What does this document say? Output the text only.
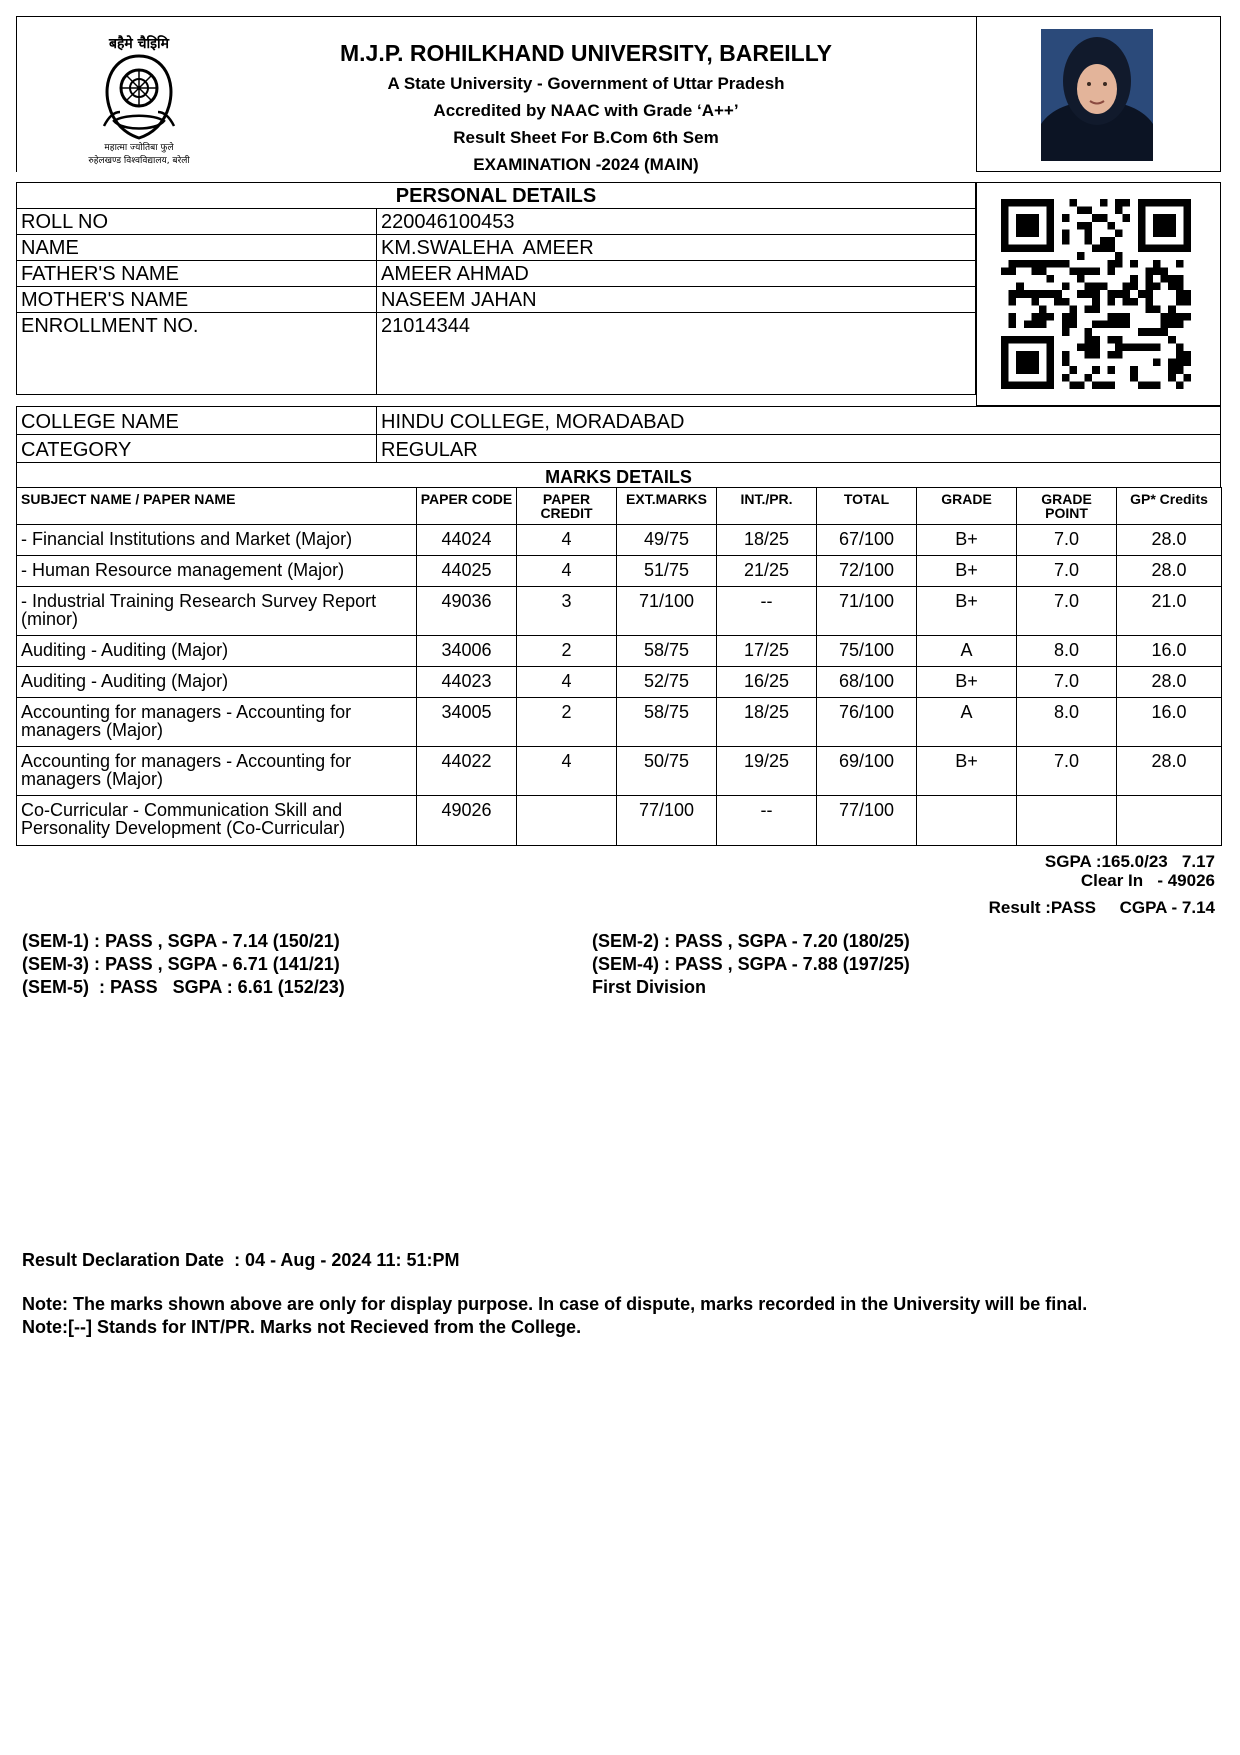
बहैमे चैइिमि
महात्मा ज्योतिबा फुले
रुहेलखण्ड विश्वविद्यालय, बरेली
M.J.P. ROHILKHAND UNIVERSITY, BAREILLY
A State University - Government of Uttar Pradesh
Accredited by NAAC with Grade ‘A++’
Result Sheet For B.Com 6th Sem
EXAMINATION -2024 (MAIN)
PERSONAL DETAILS	
ROLL NO	220046100453
NAME	KM.SWALEHA  AMEER
FATHER'S NAME	AMEER AHMAD
MOTHER'S NAME	NASEEM JAHAN
ENROLLMENT NO.	21014344
COLLEGE NAME	HINDU COLLEGE, MORADABAD
CATEGORY	REGULAR
MARKS DETAILS
SUBJECT NAME / PAPER NAME	PAPER CODE	PAPER CREDIT	EXT.MARKS	INT./PR.	TOTAL	GRADE	GRADE POINT	GP* Credits
- Financial Institutions and Market (Major)	44024	4	49/75	18/25	67/100	B+	7.0	28.0
- Human Resource management (Major)	44025	4	51/75	21/25	72/100	B+	7.0	28.0
- Industrial Training Research Survey Report (minor)	49036	3	71/100	--	71/100	B+	7.0	21.0
Auditing - Auditing (Major)	34006	2	58/75	17/25	75/100	A	8.0	16.0
Auditing - Auditing (Major)	44023	4	52/75	16/25	68/100	B+	7.0	28.0
Accounting for managers - Accounting for managers (Major)	34005	2	58/75	18/25	76/100	A	8.0	16.0
Accounting for managers - Accounting for managers (Major)	44022	4	50/75	19/25	69/100	B+	7.0	28.0
Co-Curricular - Communication Skill and Personality Development (Co-Curricular)	49026		77/100	--	77/100			
SGPA :165.0/23   7.17
Clear In   - 49026
Result :PASS     CGPA - 7.14
(SEM-1) : PASS , SGPA - 7.14 (150/21)	(SEM-2) : PASS , SGPA - 7.20 (180/25)
(SEM-3) : PASS , SGPA - 6.71 (141/21)	(SEM-4) : PASS , SGPA - 7.88 (197/25)
(SEM-5)  : PASS   SGPA : 6.61 (152/23)	First Division
Result Declaration Date  : 04 - Aug - 2024 11: 51:PM
Note: The marks shown above are only for display purpose. In case of dispute, marks recorded in the University will be final.
Note:[--] Stands for INT/PR. Marks not Recieved from the College.
